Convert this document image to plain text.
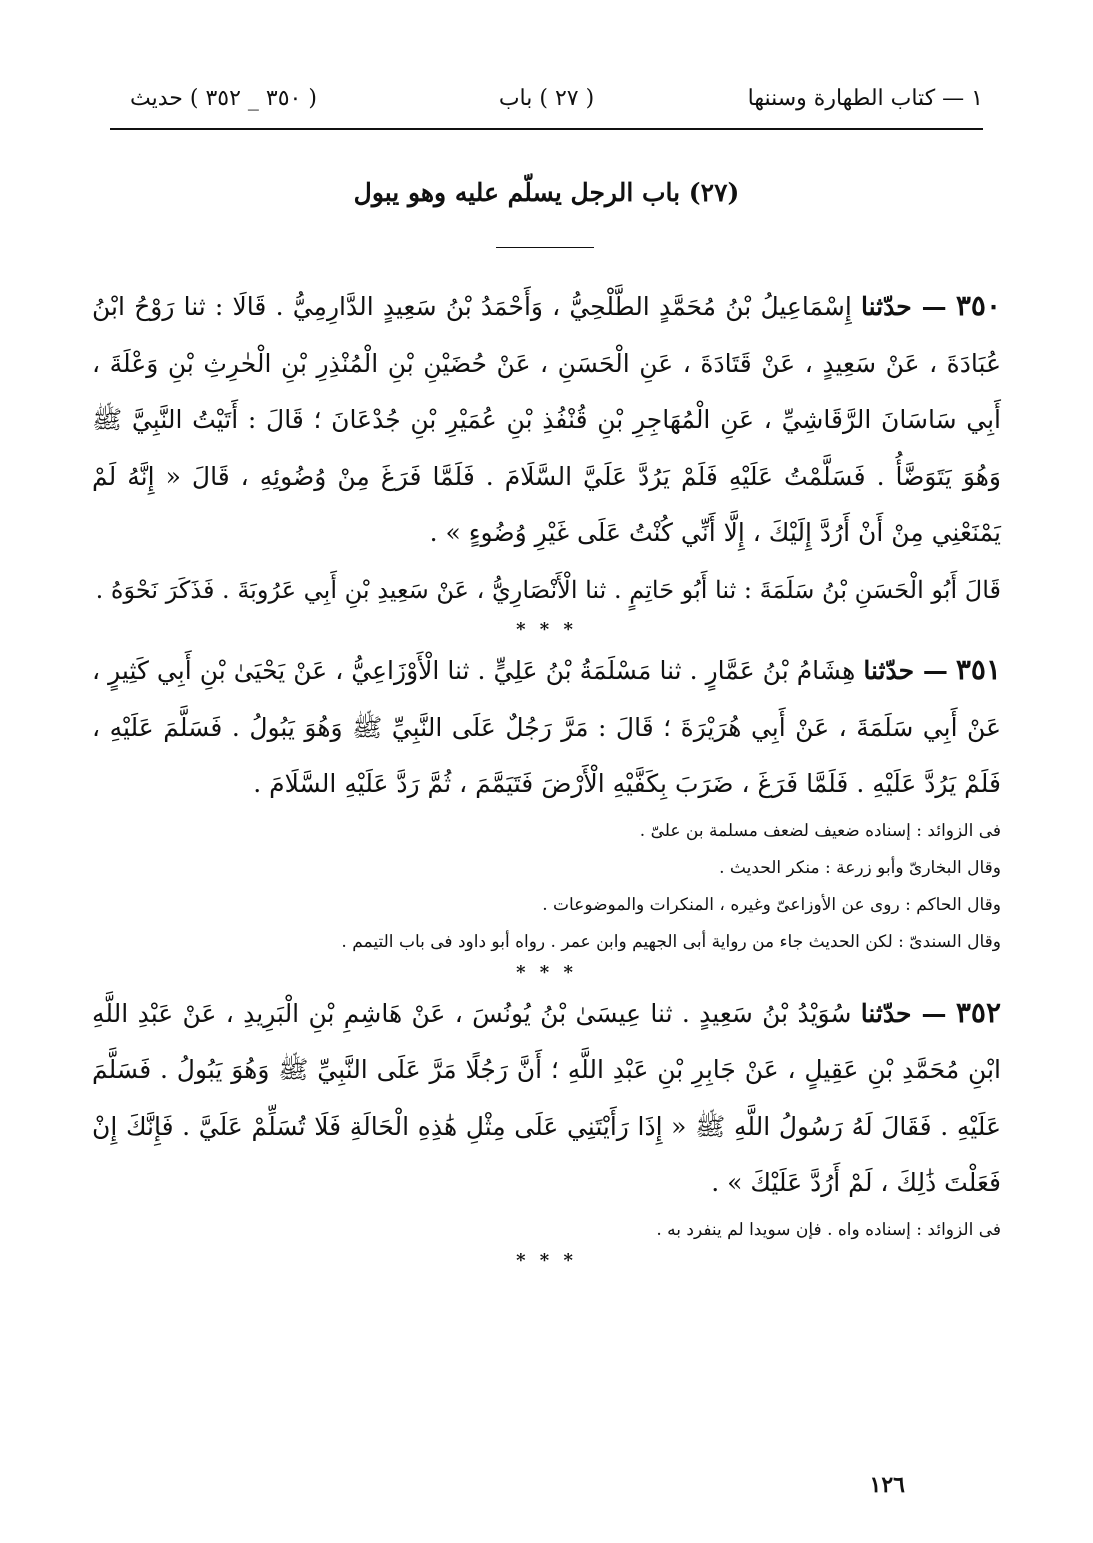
١ — كتاب الطهارة وسننها
( ٢٧ ) باب
( ٣٥٠ _ ٣٥٢ ) حديث
(٢٧) باب الرجل يسلّم عليه وهو يبول

٣٥٠ — حدّثنا إِسْمَاعِيلُ بْنُ مُحَمَّدٍ الطَّلْحِيُّ ، وَأَحْمَدُ بْنُ سَعِيدٍ الدَّارِمِيُّ . قَالَا : ثنا رَوْحُ ابْنُ عُبَادَةَ ، عَنْ سَعِيدٍ ، عَنْ قَتَادَةَ ، عَنِ الْحَسَنِ ، عَنْ حُضَيْنِ بْنِ الْمُنْذِرِ بْنِ الْحٰرِثِ بْنِ وَعْلَةَ ، أَبِي سَاسَانَ الرَّقَاشِيِّ ، عَنِ الْمُهَاجِرِ بْنِ قُنْفُذِ بْنِ عُمَيْرِ بْنِ جُدْعَانَ ؛ قَالَ : أَتَيْتُ النَّبِيَّ ﷺ وَهُوَ يَتَوَضَّأُ . فَسَلَّمْتُ عَلَيْهِ فَلَمْ يَرُدَّ عَلَيَّ السَّلَامَ . فَلَمَّا فَرَغَ مِنْ وُضُوئِهِ ، قَالَ « إِنَّهُ لَمْ يَمْنَعْنِي مِنْ أَنْ أَرُدَّ إِلَيْكَ ، إِلَّا أَنِّي كُنْتُ عَلَى غَيْرِ وُضُوءٍ » .

قَالَ أَبُو الْحَسَنِ بْنُ سَلَمَةَ : ثنا أَبُو حَاتِمٍ . ثنا الْأَنْصَارِيُّ ، عَنْ سَعِيدِ بْنِ أَبِي عَرُوبَةَ . فَذَكَرَ نَحْوَهُ .

* * *

٣٥١ — حدّثنا هِشَامُ بْنُ عَمَّارٍ . ثنا مَسْلَمَةُ بْنُ عَلِيٍّ . ثنا الْأَوْزَاعِيُّ ، عَنْ يَحْيَىٰ بْنِ أَبِي كَثِيرٍ ، عَنْ أَبِي سَلَمَةَ ، عَنْ أَبِي هُرَيْرَةَ ؛ قَالَ : مَرَّ رَجُلٌ عَلَى النَّبِيِّ ﷺ وَهُوَ يَبُولُ . فَسَلَّمَ عَلَيْهِ ، فَلَمْ يَرُدَّ عَلَيْهِ . فَلَمَّا فَرَغَ ، ضَرَبَ بِكَفَّيْهِ الْأَرْضَ فَتَيَمَّمَ ، ثُمَّ رَدَّ عَلَيْهِ السَّلَامَ .

فى الزوائد : إسناده ضعيف لضعف مسلمة بن علىّ .

وقال البخارىّ وأبو زرعة : منكر الحديث .

وقال الحاكم : روى عن الأوزاعىّ وغيره ، المنكرات والموضوعات .

وقال السندىّ : لكن الحديث جاء من رواية أبى الجهيم وابن عمر . رواه أبو داود فى باب التيمم .

* * *

٣٥٢ — حدّثنا سُوَيْدُ بْنُ سَعِيدٍ . ثنا عِيسَىٰ بْنُ يُونُسَ ، عَنْ هَاشِمِ بْنِ الْبَرِيدِ ، عَنْ عَبْدِ اللَّهِ ابْنِ مُحَمَّدِ بْنِ عَقِيلٍ ، عَنْ جَابِرِ بْنِ عَبْدِ اللَّهِ ؛ أَنَّ رَجُلًا مَرَّ عَلَى النَّبِيِّ ﷺ وَهُوَ يَبُولُ . فَسَلَّمَ عَلَيْهِ . فَقَالَ لَهُ رَسُولُ اللَّهِ ﷺ « إِذَا رَأَيْتَنِي عَلَى مِثْلِ هَٰذِهِ الْحَالَةِ فَلَا تُسَلِّمْ عَلَيَّ . فَإِنَّكَ إِنْ فَعَلْتَ ذَٰلِكَ ، لَمْ أَرُدَّ عَلَيْكَ » .

فى الزوائد : إسناده واه . فإن سويدا لم ينفرد به .

* * *

١٢٦
